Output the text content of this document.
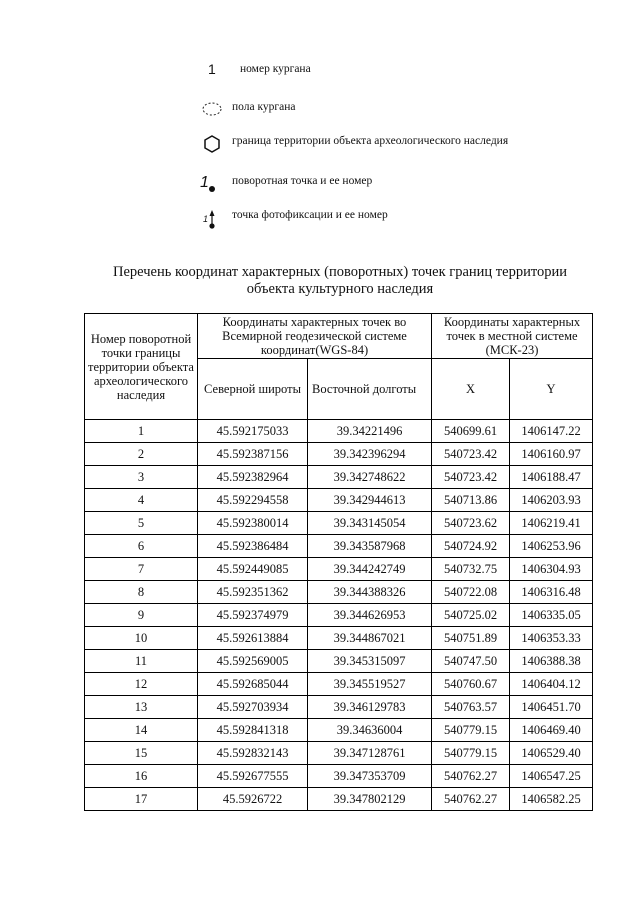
1	номер кургана
пола кургана
граница территории объекта археологического наследия
1 поворотная точка и ее номер
1 точка фотофиксации и ее номер
Перечень координат характерных (поворотных) точек границ территории объекта культурного наследия
Номер поворотной точки границы территории объекта археологического наследия	Координаты характерных точек во Всемирной геодезической системе координат(WGS-84)		Координаты характерных точек в местной системе (МСК-23)	
	Северной широты	Восточной долготы	X	Y
1	45.592175033	39.34221496	540699.61	1406147.22
2	45.592387156	39.342396294	540723.42	1406160.97
3	45.592382964	39.342748622	540723.42	1406188.47
4	45.592294558	39.342944613	540713.86	1406203.93
5	45.592380014	39.343145054	540723.62	1406219.41
6	45.592386484	39.343587968	540724.92	1406253.96
7	45.592449085	39.344242749	540732.75	1406304.93
8	45.592351362	39.344388326	540722.08	1406316.48
9	45.592374979	39.344626953	540725.02	1406335.05
10	45.592613884	39.344867021	540751.89	1406353.33
11	45.592569005	39.345315097	540747.50	1406388.38
12	45.592685044	39.345519527	540760.67	1406404.12
13	45.592703934	39.346129783	540763.57	1406451.70
14	45.592841318	39.34636004	540779.15	1406469.40
15	45.592832143	39.347128761	540779.15	1406529.40
16	45.592677555	39.347353709	540762.27	1406547.25
17	45.5926722	39.347802129	540762.27	1406582.25
